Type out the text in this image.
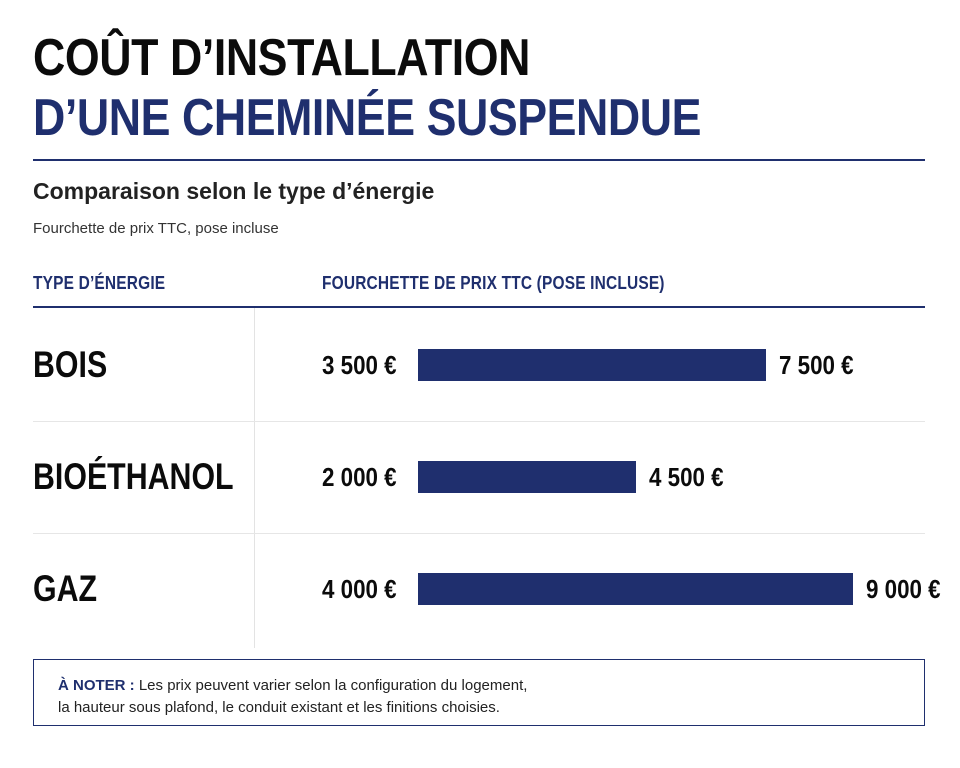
COÛT D’INSTALLATION
D’UNE CHEMINÉE SUSPENDUE
Comparaison selon le type d’énergie
Fourchette de prix TTC, pose incluse
TYPE D’ÉNERGIE	FOURCHETTE DE PRIX TTC (POSE INCLUSE)
BOIS	3 500 €	7 500 €
BIOÉTHANOL	2 000 €	4 500 €
GAZ	4 000 €	9 000 €
À NOTER : Les prix peuvent varier selon la configuration du logement,
la hauteur sous plafond, le conduit existant et les finitions choisies.
